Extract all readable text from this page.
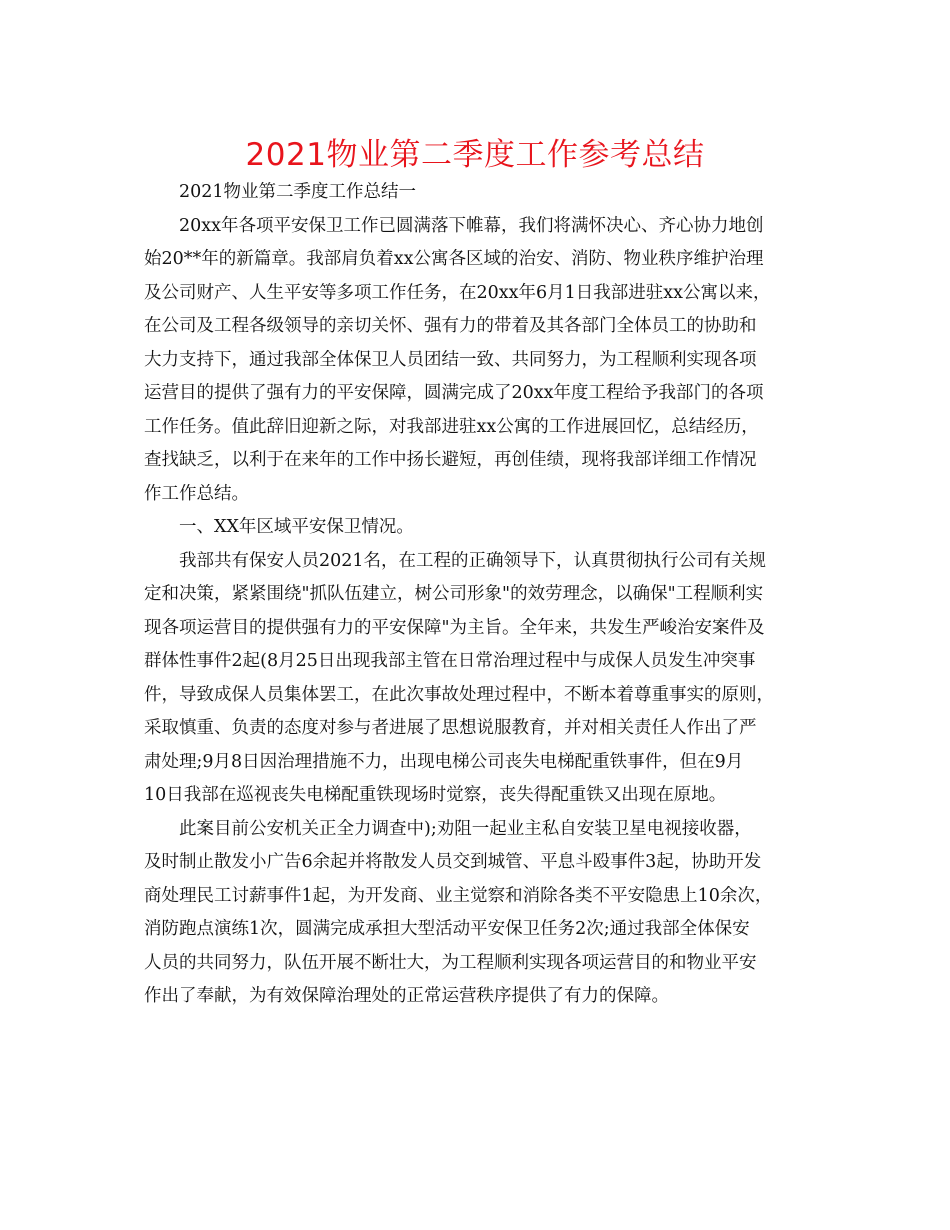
2021物业第二季度工作参考总结
2021物业第二季度工作总结一
20xx年各项平安保卫工作已圆满落下帷幕，我们将满怀决心、齐心协力地创
始20**年的新篇章。我部肩负着xx公寓各区域的治安、消防、物业秩序维护治理
及公司财产、人生平安等多项工作任务，在20xx年6月1日我部进驻xx公寓以来，
在公司及工程各级领导的亲切关怀、强有力的带着及其各部门全体员工的协助和
大力支持下，通过我部全体保卫人员团结一致、共同努力，为工程顺利实现各项
运营目的提供了强有力的平安保障，圆满完成了20xx年度工程给予我部门的各项
工作任务。值此辞旧迎新之际，对我部进驻xx公寓的工作进展回忆，总结经历，
查找缺乏，以利于在来年的工作中扬长避短，再创佳绩，现将我部详细工作情况
作工作总结。
一、XX年区域平安保卫情况。
我部共有保安人员2021名，在工程的正确领导下，认真贯彻执行公司有关规
定和决策，紧紧围绕"抓队伍建立，树公司形象"的效劳理念，以确保"工程顺利实
现各项运营目的提供强有力的平安保障"为主旨。全年来，共发生严峻治安案件及
群体性事件2起(8月25日出现我部主管在日常治理过程中与成保人员发生冲突事
件，导致成保人员集体罢工，在此次事故处理过程中，不断本着尊重事实的原则，
采取慎重、负责的态度对参与者进展了思想说服教育，并对相关责任人作出了严
肃处理;9月8日因治理措施不力，出现电梯公司丧失电梯配重铁事件，但在9月
10日我部在巡视丧失电梯配重铁现场时觉察，丧失得配重铁又出现在原地。
此案目前公安机关正全力调查中);劝阻一起业主私自安装卫星电视接收器，
及时制止散发小广告6余起并将散发人员交到城管、平息斗殴事件3起，协助开发
商处理民工讨薪事件1起，为开发商、业主觉察和消除各类不平安隐患上10余次，
消防跑点演练1次，圆满完成承担大型活动平安保卫任务2次;通过我部全体保安
人员的共同努力，队伍开展不断壮大，为工程顺利实现各项运营目的和物业平安
作出了奉献，为有效保障治理处的正常运营秩序提供了有力的保障。
